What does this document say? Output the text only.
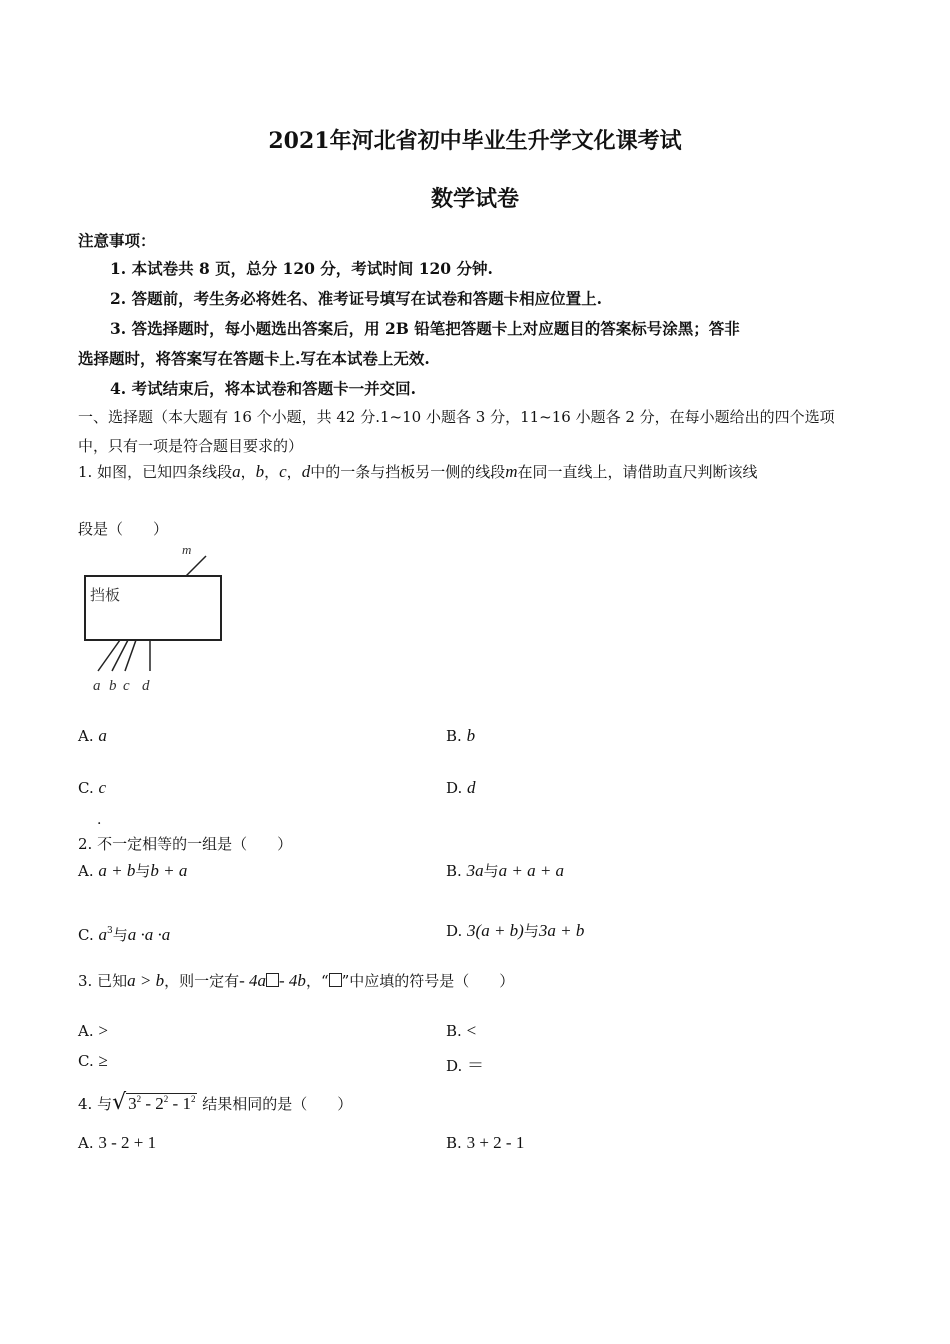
2021年河北省初中毕业生升学文化课考试
数学试卷
注意事项：
1. 本试卷共 8 页，总分 120 分，考试时间 120 分钟.
2. 答题前，考生务必将姓名、准考证号填写在试卷和答题卡相应位置上.
3. 答选择题时，每小题选出答案后，用 2B 铅笔把答题卡上对应题目的答案标号涂黑；答非
选择题时，将答案写在答题卡上.写在本试卷上无效.
4. 考试结束后，将本试卷和答题卡一并交回.
一、选择题（本大题有 16 个小题，共 42 分.1~10 小题各 3 分，11~16 小题各 2 分，在每小题给出的四个选项
中，只有一项是符合题目要求的）
1. 如图，已知四条线段a，b，c，d中的一条与挡板另一侧的线段m在同一直线上，请借助直尺判断该线
段是（　　）
挡板
m
a b c d
A. a	B. b
C. c	D. d
·
2. 不一定相等的一组是（　　）
A. a + b与b + a	B. 3a与a + a + a
C. $a^3$与a ·a ·a	D. 3(a + b)与3a + b
3. 已知a > b，则一定有- 4a - 4b，“ ”中应填的符号是（　　）
A. >	B. <
C. ≥	D. ＝
4. 与√ $3^2 - 2^2 - 1^2$ 结果相同的是（　　）
A. 3 - 2 + 1	B. 3 + 2 - 1
